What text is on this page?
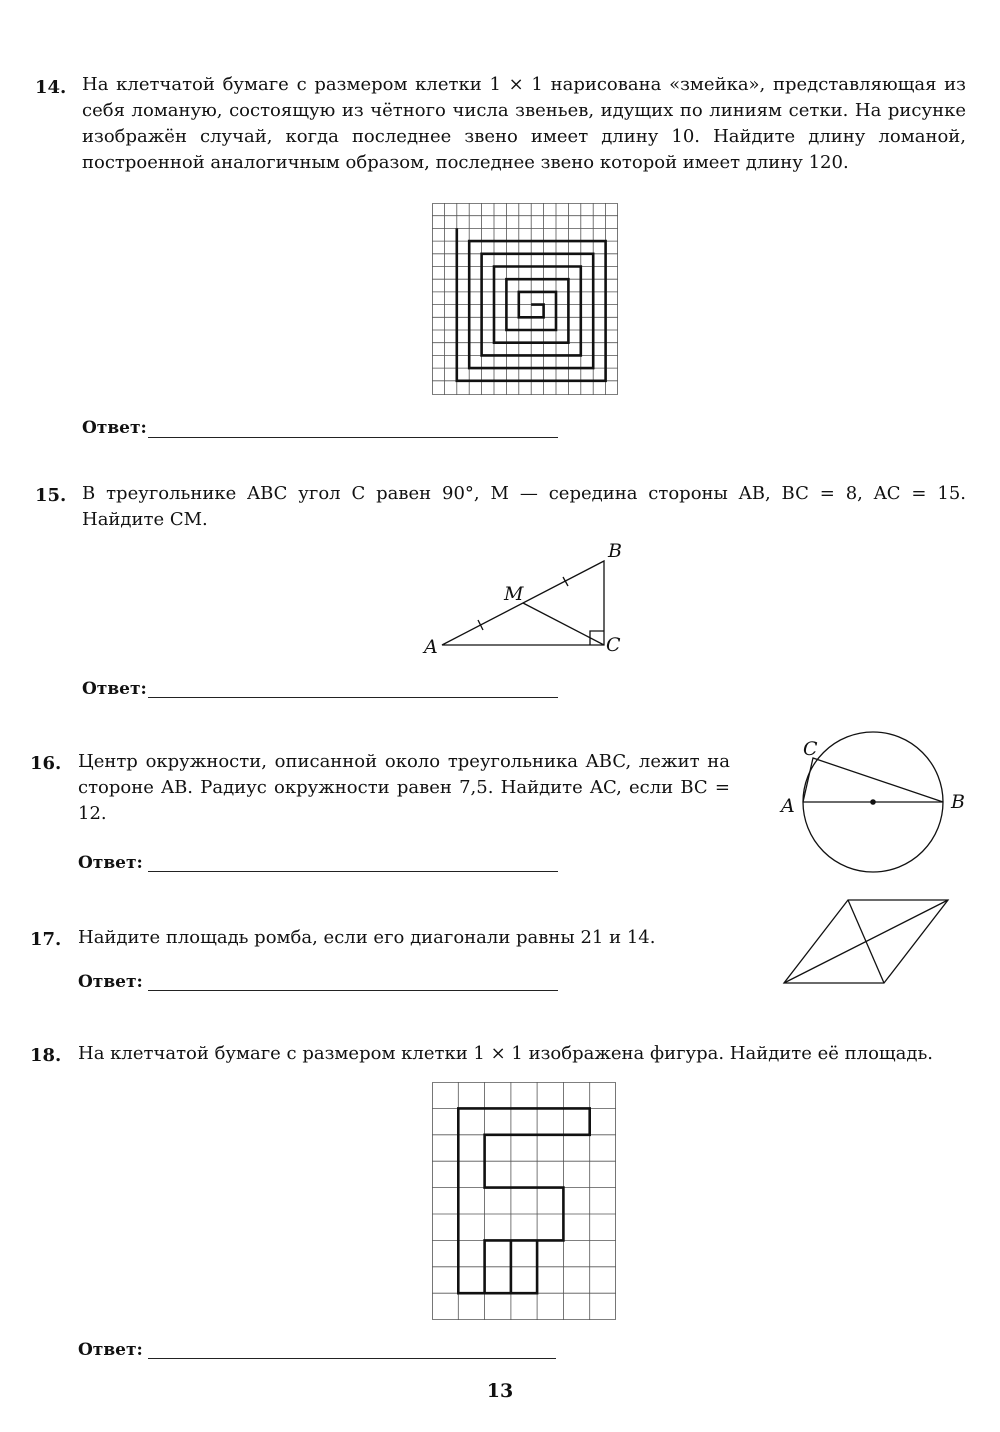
14. На клетчатой бумаге с размером клетки 1 × 1 нарисована «змейка», представляющая из себя ломаную, состоящую из чётного числа звеньев, идущих по линиям сетки. На рисунке изображён случай, когда последнее звено имеет длину 10. Найдите длину ломаной, построенной аналогичным образом, последнее звено которой имеет длину 120.
Ответ:
15. В треугольнике ABC угол C равен 90°, M — середина стороны AB, BC = 8, AC = 15. Найдите CM.
A
B
C
M
Ответ:
16. Центр окружности, описанной около треугольника ABC, лежит на стороне AB. Радиус окружности равен 7,5. Найдите AC, если BC = 12.	A	B
C
Ответ:
17. Найдите площадь ромба, если его диагонали равны 21 и 14.
Ответ:
18. На клетчатой бумаге с размером клетки 1 × 1 изображена фигура. Найдите её площадь.
Ответ:
13
